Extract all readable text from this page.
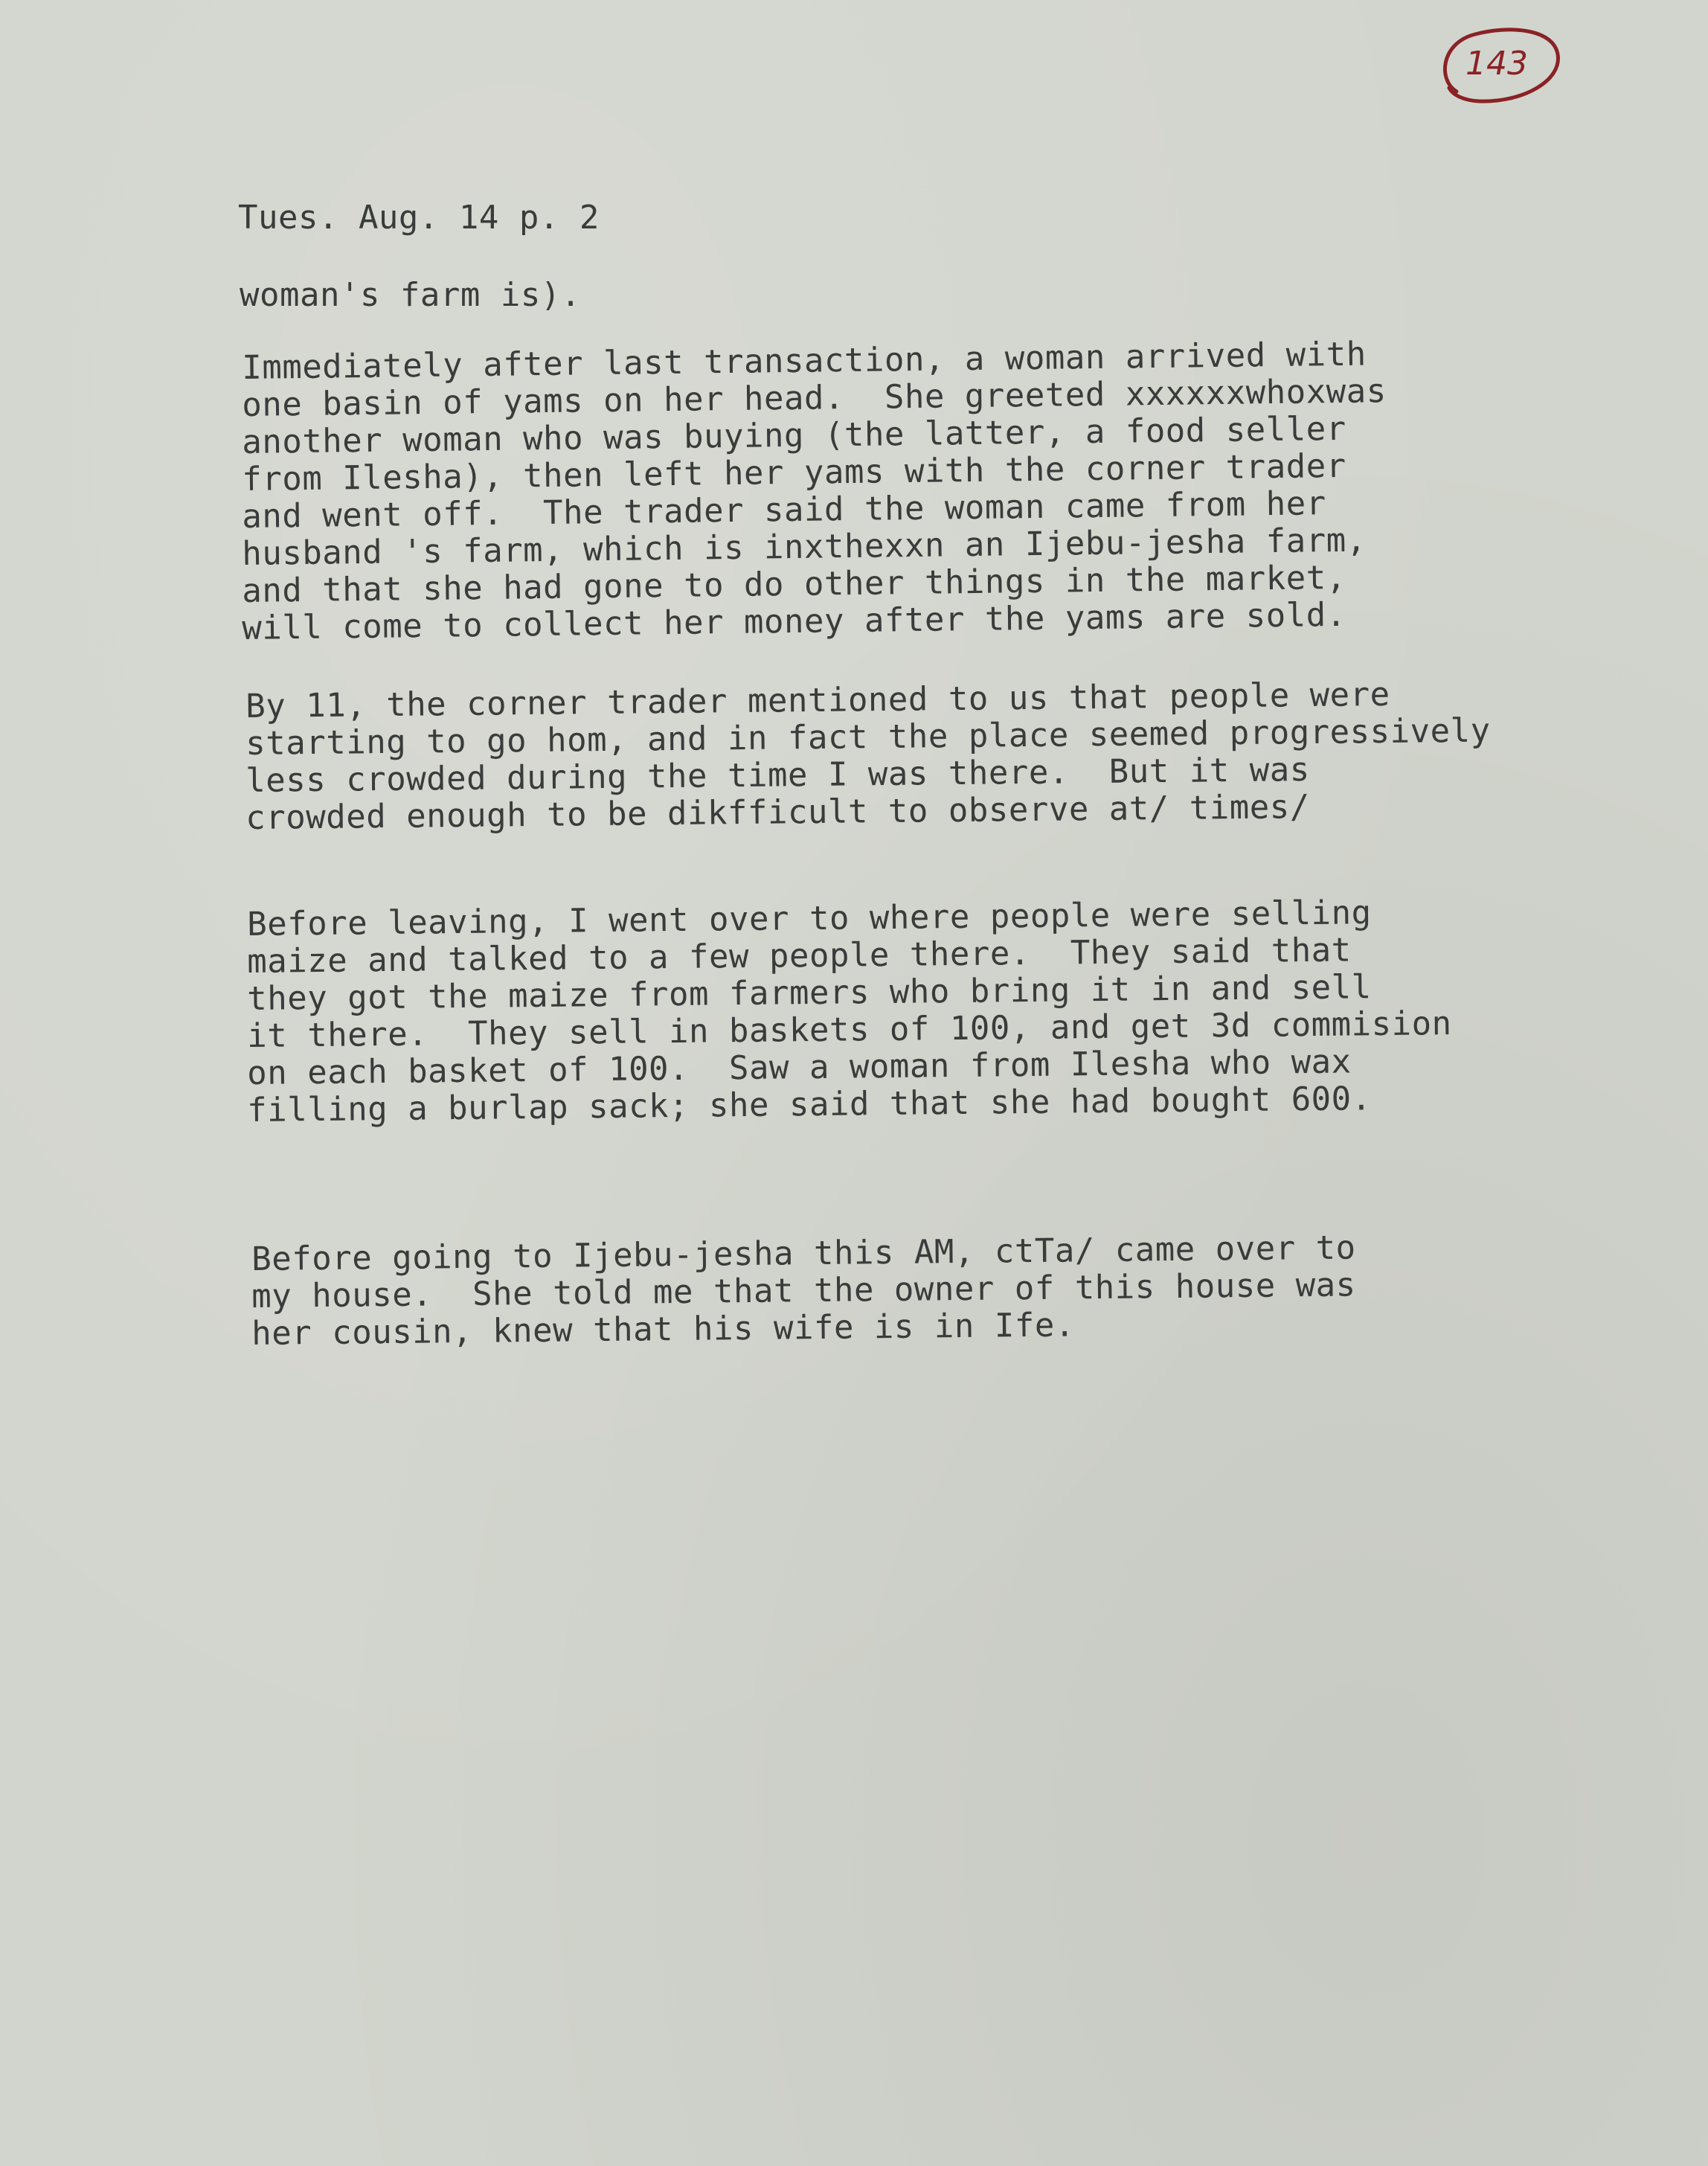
143

Tues. Aug. 14 p. 2

woman's farm is).

Immediately after last transaction, a woman arrived with

one basin of yams on her head.  She greeted xxxxxxwhoxwas

another woman who was buying (the latter, a food seller

from Ilesha), then left her yams with the corner trader

and went off.  The trader said the woman came from her

husband 's farm, which is inxthexxn an Ijebu-jesha farm,

and that she had gone to do other things in the market,

will come to collect her money after the yams are sold.

By 11, the corner trader mentioned to us that people were

starting to go hom, and in fact the place seemed progressively

less crowded during the time I was there.  But it was

crowded enough to be dikfficult to observe at/ times/

Before leaving, I went over to where people were selling

maize and talked to a few people there.  They said that

they got the maize from farmers who bring it in and sell

it there.  They sell in baskets of 100, and get 3d commision

on each basket of 100.  Saw a woman from Ilesha who wax

filling a burlap sack; she said that she had bought 600.

Before going to Ijebu-jesha this AM, ctTa/ came over to

my house.  She told me that the owner of this house was

her cousin, knew that his wife is in Ife.
